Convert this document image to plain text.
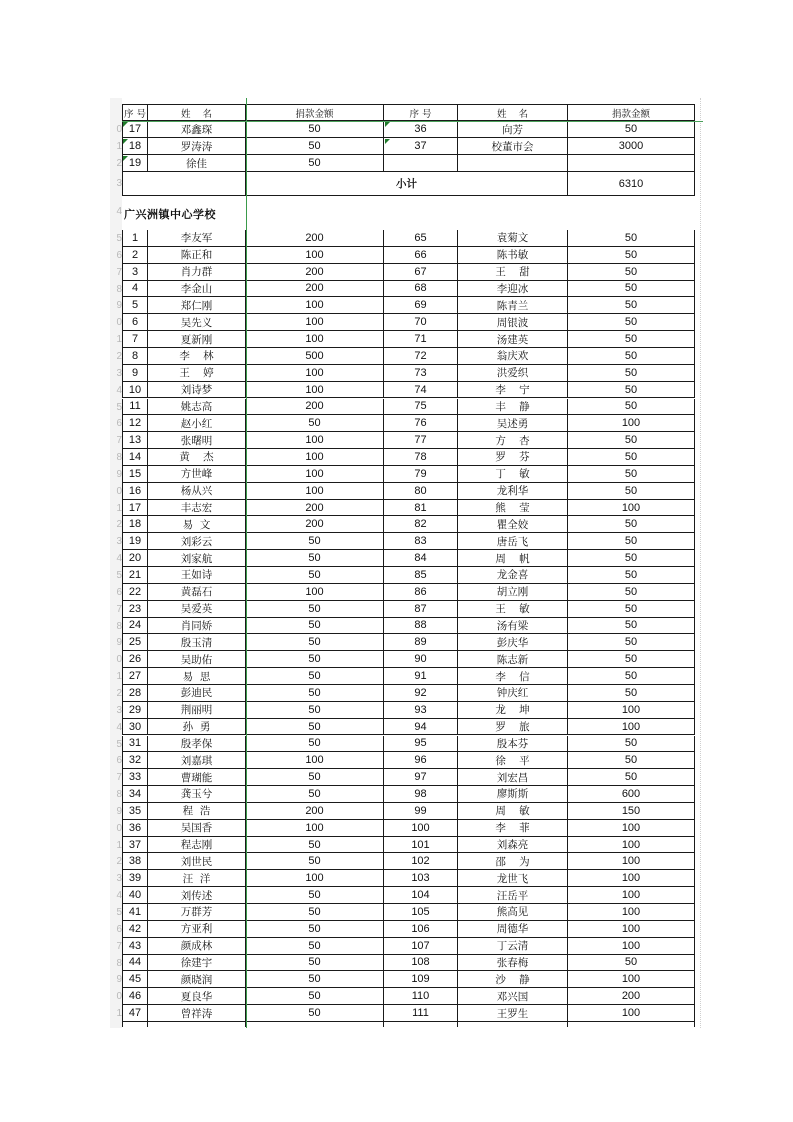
序 号	姓    名	捐款金额	序 号	姓    名	捐款金额
0 17	邓鑫琛	50	36	向芳	50
1 18	罗涛涛	50	37	校董市会	3000
2 19	徐佳	50
3	小计	6310
4 广兴洲镇中心学校
5 1	李友军	200	65	袁菊文	50
6 2	陈正和	100	66	陈书敏	50
7 3	肖力群	200	67	王    甜	50
8 4	李金山	200	68	李迎冰	50
9 5	郑仁刚	100	69	陈青兰	50
0 6	吴先义	100	70	周银波	50
1 7	夏新刚	100	71	汤建英	50
2 8	李    林	500	72	翁庆欢	50
3 9	王    婷	100	73	洪爱织	50
4 10	刘诗梦	100	74	李    宁	50
5 11	姚志高	200	75	丰    静	50
6 12	赵小红	50	76	吴述勇	100
7 13	张曙明	100	77	方    杏	50
8 14	黄    杰	100	78	罗    芬	50
9 15	方世峰	100	79	丁    敏	50
0 16	杨从兴	100	80	龙利华	50
1 17	丰志宏	200	81	熊    莹	100
2 18	易  文	200	82	瞿全姣	50
3 19	刘彩云	50	83	唐岳飞	50
4 20	刘家航	50	84	周    帆	50
5 21	王如诗	50	85	龙金喜	50
6 22	黄磊石	100	86	胡立刚	50
7 23	吴爱英	50	87	王    敏	50
8 24	肖同娇	50	88	汤有梁	50
9 25	殷玉清	50	89	彭庆华	50
0 26	吴助佑	50	90	陈志新	50
1 27	易  思	50	91	李    信	50
2 28	彭迪民	50	92	钟庆红	50
3 29	荆丽明	50	93	龙    坤	100
4 30	孙  勇	50	94	罗    旅	100
5 31	殷孝保	50	95	殷本芬	50
6 32	刘嘉琪	100	96	徐    平	50
7 33	曹瑚能	50	97	刘宏昌	50
8 34	龚玉兮	50	98	廖斯斯	600
9 35	程  浩	200	99	周    敏	150
0 36	吴国香	100	100	李    菲	100
1 37	程志刚	50	101	刘森亮	100
2 38	刘世民	50	102	邵    为	100
3 39	汪  洋	100	103	龙世飞	100
4 40	刘传述	50	104	汪岳平	100
5 41	万群芳	50	105	熊高见	100
6 42	方亚利	50	106	周德华	100
7 43	颜成林	50	107	丁云清	100
8 44	徐建宇	50	108	张春梅	50
9 45	颜晓润	50	109	沙    静	100
0 46	夏良华	50	110	邓兴国	200
1 47	曾祥涛	50	111	王罗生	100
